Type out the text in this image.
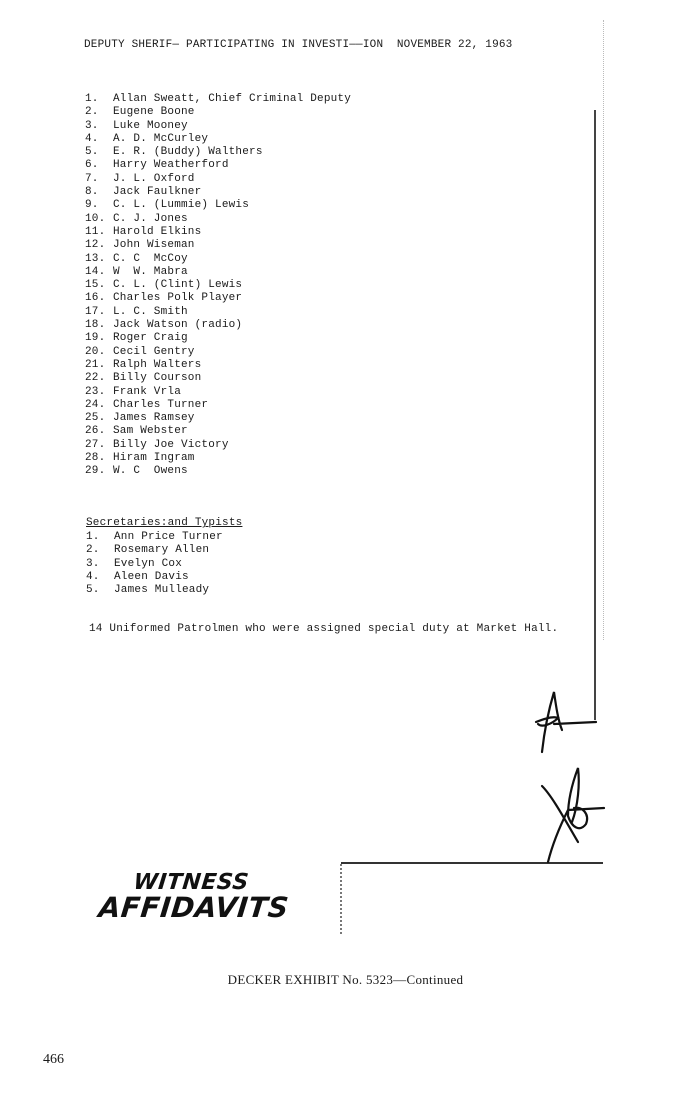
DEPUTY SHERIF― PARTICIPATING IN INVESTI――ION  NOVEMBER 22, 1963
1. Allan Sweatt, Chief Criminal Deputy
2. Eugene Boone
3. Luke Mooney
4. A. D. McCurley
5. E. R. (Buddy) Walthers
6. Harry Weatherford
7. J. L. Oxford
8. Jack Faulkner
9. C. L. (Lummie) Lewis
10. C. J. Jones
11. Harold Elkins
12. John Wiseman
13. C. C  McCoy
14. W  W. Mabra
15. C. L. (Clint) Lewis
16. Charles Polk Player
17. L. C. Smith
18. Jack Watson (radio)
19. Roger Craig
20. Cecil Gentry
21. Ralph Walters
22. Billy Courson
23. Frank Vrla
24. Charles Turner
25. James Ramsey
26. Sam Webster
27. Billy Joe Victory
28. Hiram Ingram
29. W. C  Owens
Secretaries:and Typists
1. Ann Price Turner
2. Rosemary Allen
3. Evelyn Cox
4. Aleen Davis
5. James Mulleady
14 Uniformed Patrolmen who were assigned special duty at Market Hall.
WITNESS
AFFIDAVITS
DECKER EXHIBIT No. 5323—Continued
466
